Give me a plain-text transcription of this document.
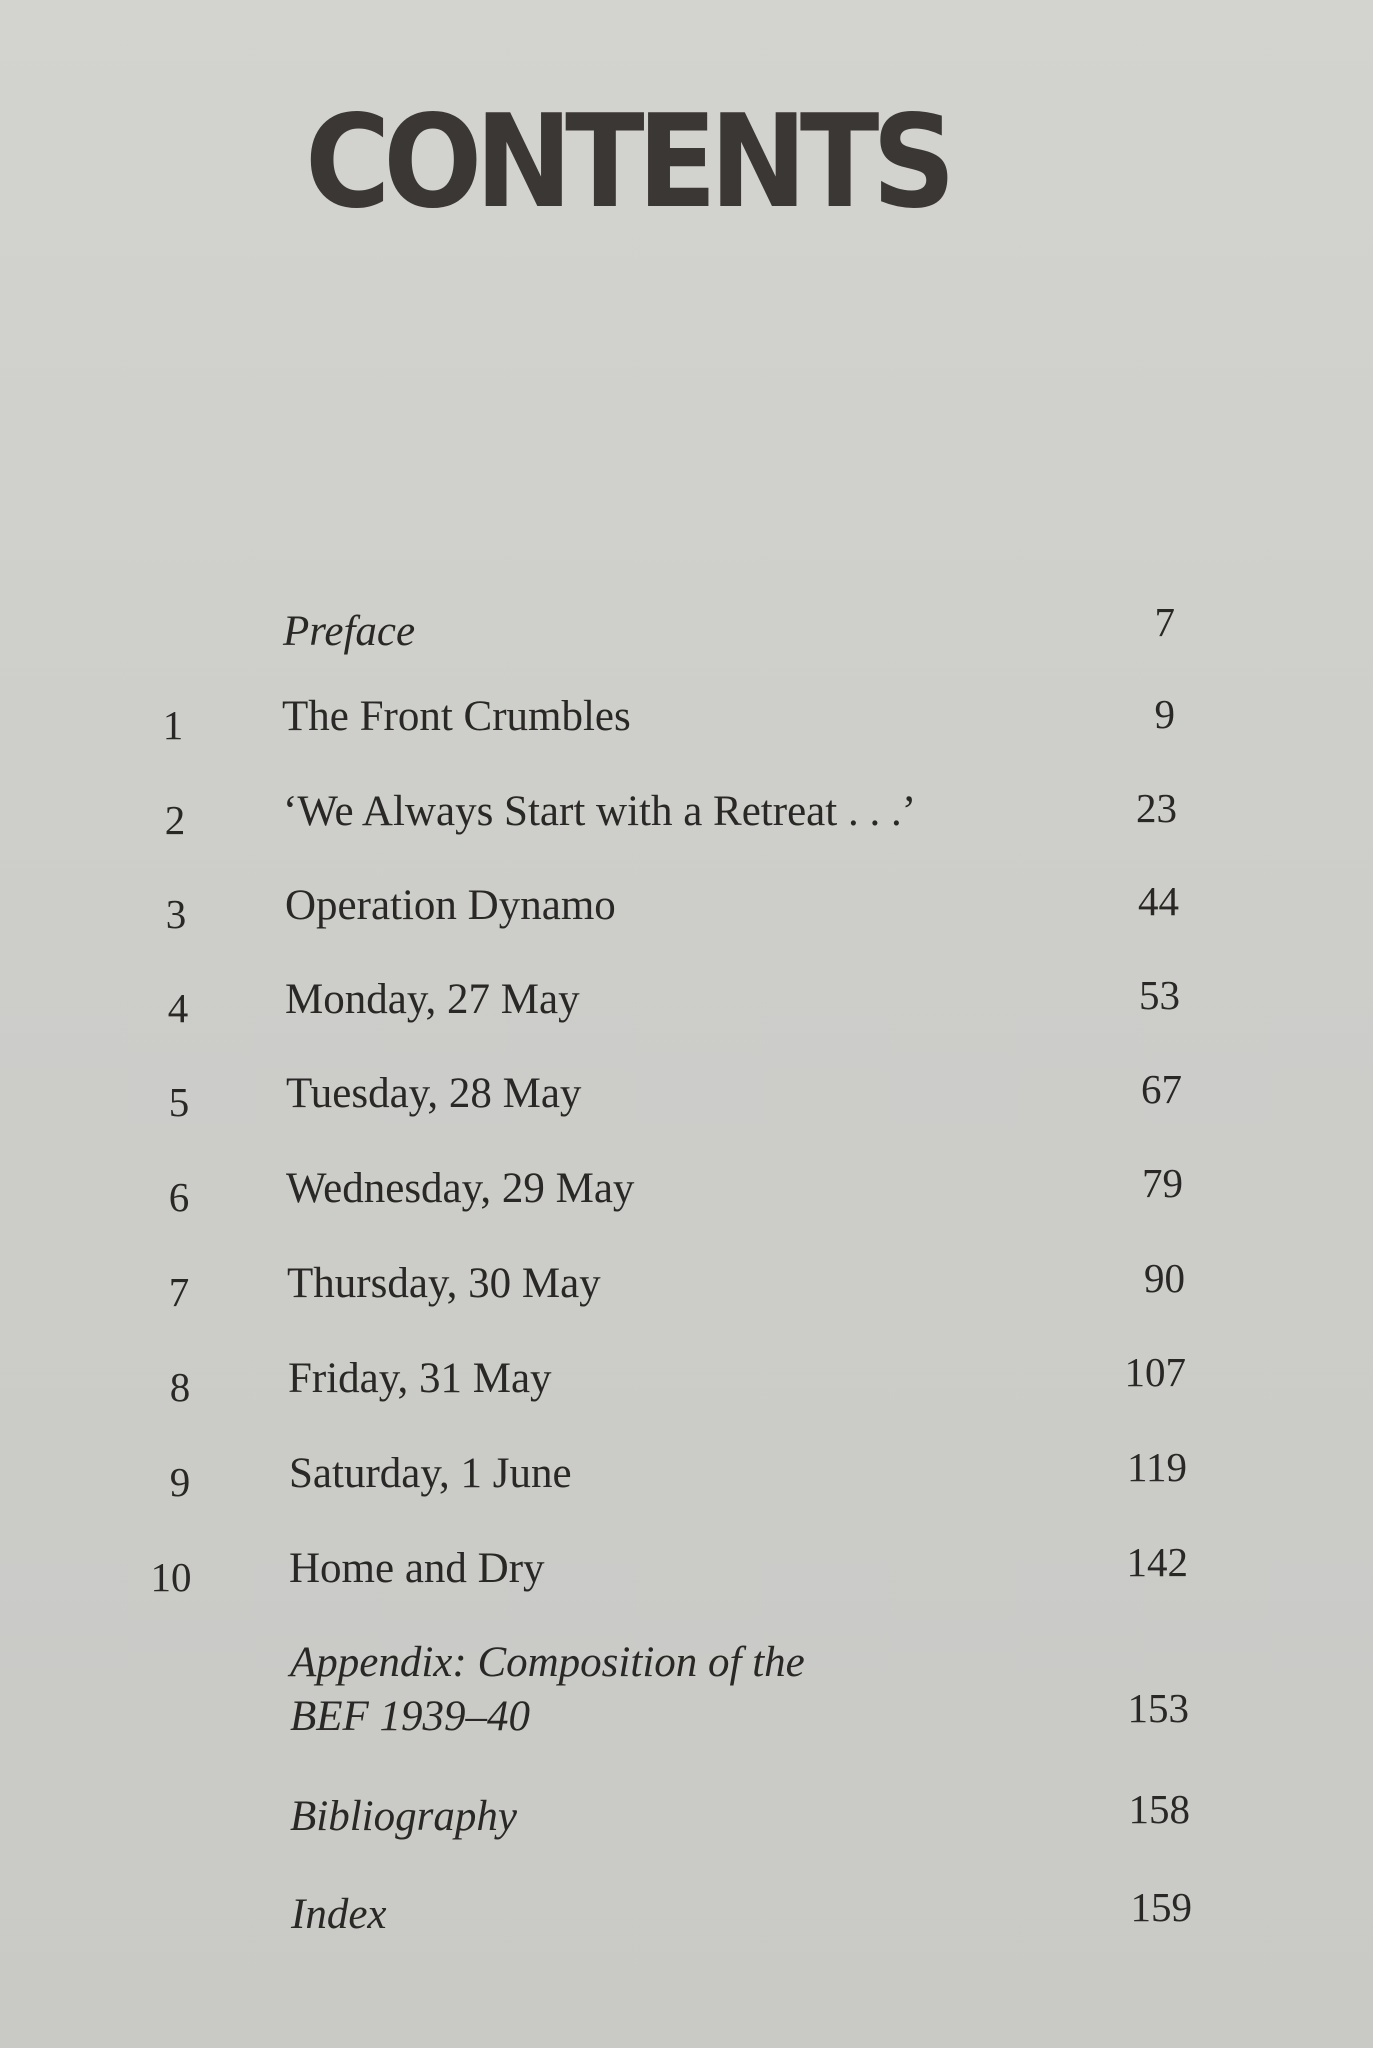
CONTENTS
Preface	7
1	The Front Crumbles	9
2	‘We Always Start with a Retreat . . .’	23
3	Operation Dynamo	44
4	Monday, 27 May	53
5	Tuesday, 28 May	67
6	Wednesday, 29 May	79
7	Thursday, 30 May	90
8	Friday, 31 May	107
9	Saturday, 1 June	119
10	Home and Dry	142
Appendix: Composition of the
BEF 1939–40	153
Bibliography	158
Index	159
